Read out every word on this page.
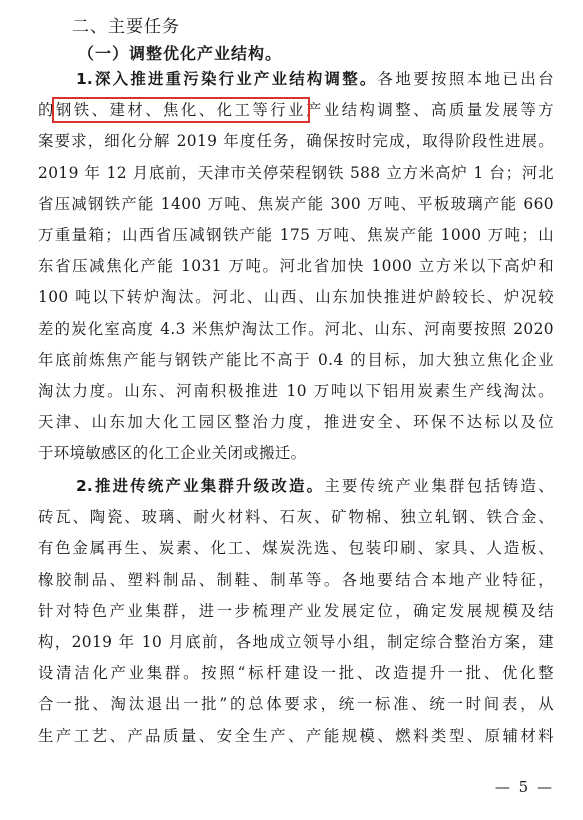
二、主要任务
（一）调整优化产业结构。
1.深入推进重污染行业产业结构调整。各地要按照本地已出台
的钢铁、建材、焦化、化工等行业产业结构调整、高质量发展等方
案要求，细化分解 2019 年度任务，确保按时完成，取得阶段性进展。
2019 年 12 月底前，天津市关停荣程钢铁 588 立方米高炉 1 台；河北
省压减钢铁产能 1400 万吨、焦炭产能 300 万吨、平板玻璃产能 660
万重量箱；山西省压减钢铁产能 175 万吨、焦炭产能 1000 万吨；山
东省压减焦化产能 1031 万吨。河北省加快 1000 立方米以下高炉和
100 吨以下转炉淘汰。河北、山西、山东加快推进炉龄较长、炉况较
差的炭化室高度 4.3 米焦炉淘汰工作。河北、山东、河南要按照 2020
年底前炼焦产能与钢铁产能比不高于 0.4 的目标，加大独立焦化企业
淘汰力度。山东、河南积极推进 10 万吨以下铝用炭素生产线淘汰。
天津、山东加大化工园区整治力度，推进安全、环保不达标以及位
于环境敏感区的化工企业关闭或搬迁。
2.推进传统产业集群升级改造。主要传统产业集群包括铸造、
砖瓦、陶瓷、玻璃、耐火材料、石灰、矿物棉、独立轧钢、铁合金、
有色金属再生、炭素、化工、煤炭洗选、包装印刷、家具、人造板、
橡胶制品、塑料制品、制鞋、制革等。各地要结合本地产业特征，
针对特色产业集群，进一步梳理产业发展定位，确定发展规模及结
构，2019 年 10 月底前，各地成立领导小组，制定综合整治方案，建
设清洁化产业集群。按照“标杆建设一批、改造提升一批、优化整
合一批、淘汰退出一批”的总体要求，统一标准、统一时间表，从
生产工艺、产品质量、安全生产、产能规模、燃料类型、原辅材料
— 5 —
